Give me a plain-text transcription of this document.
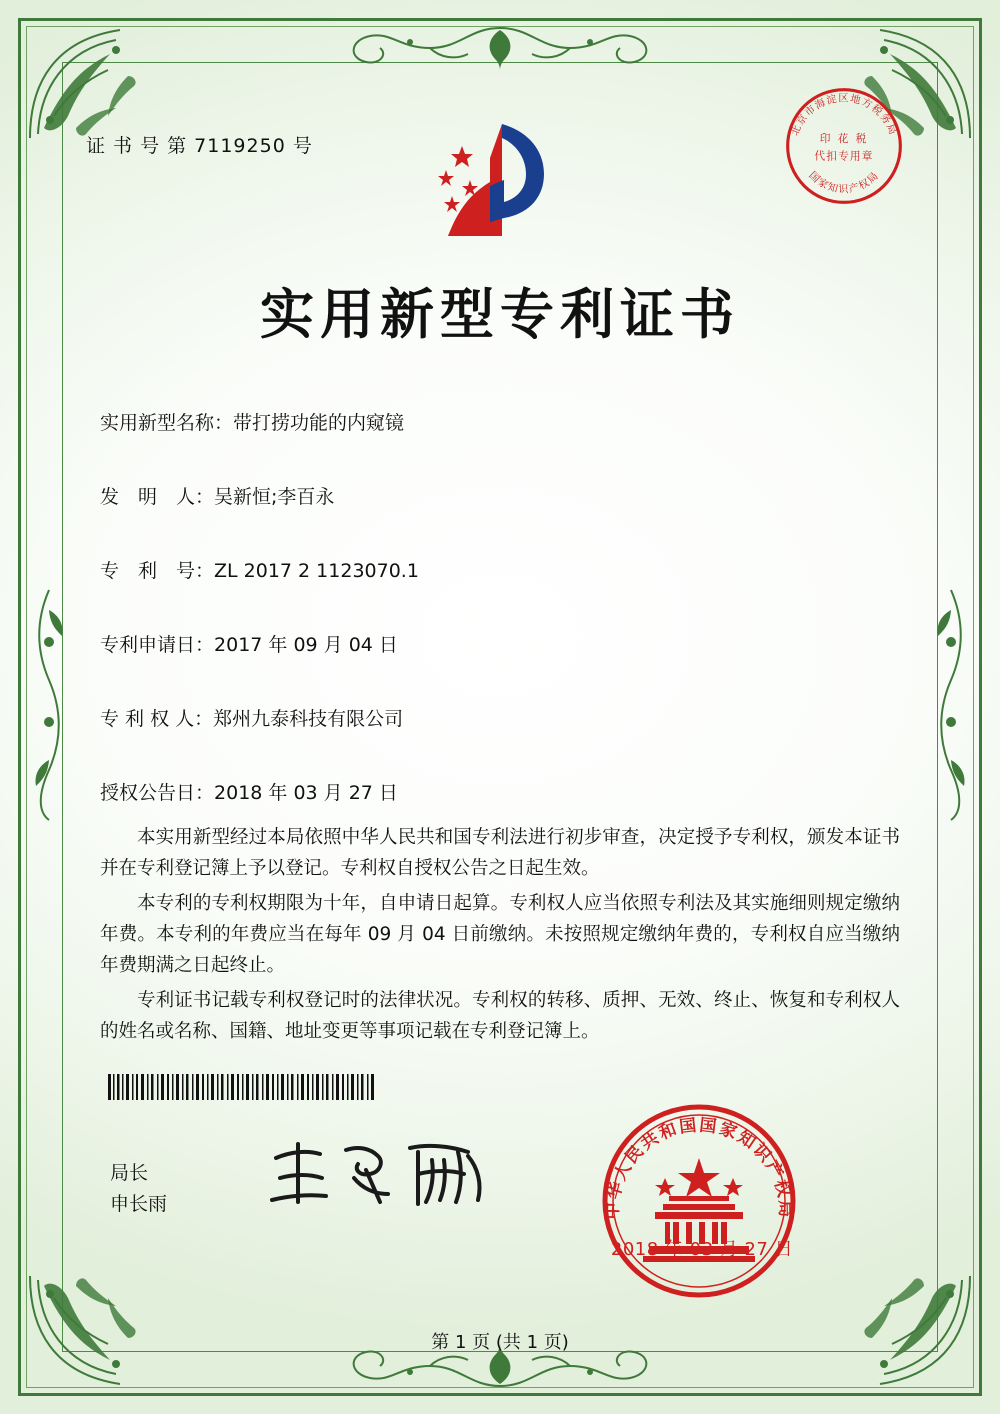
证 书 号 第 7119250 号
北京市海淀区地方税务局
国家知识产权局
印 花 税
代扣专用章
实用新型专利证书
实用新型名称：带打捞功能的内窥镜
发　明　人：吴新恒;李百永
专　利　号：ZL 2017 2 1123070.1
专利申请日：2017 年 09 月 04 日
专 利 权 人：郑州九泰科技有限公司
授权公告日：2018 年 03 月 27 日
本实用新型经过本局依照中华人民共和国专利法进行初步审查，决定授予专利权，颁发本证书并在专利登记簿上予以登记。专利权自授权公告之日起生效。
本专利的专利权期限为十年，自申请日起算。专利权人应当依照专利法及其实施细则规定缴纳年费。本专利的年费应当在每年 09 月 04 日前缴纳。未按照规定缴纳年费的，专利权自应当缴纳年费期满之日起终止。
专利证书记载专利权登记时的法律状况。专利权的转移、质押、无效、终止、恢复和专利权人的姓名或名称、国籍、地址变更等事项记载在专利登记簿上。
局长
申长雨	中华人民共和国国家知识产权局
2018 年 03 月 27 日
第 1 页 (共 1 页)
